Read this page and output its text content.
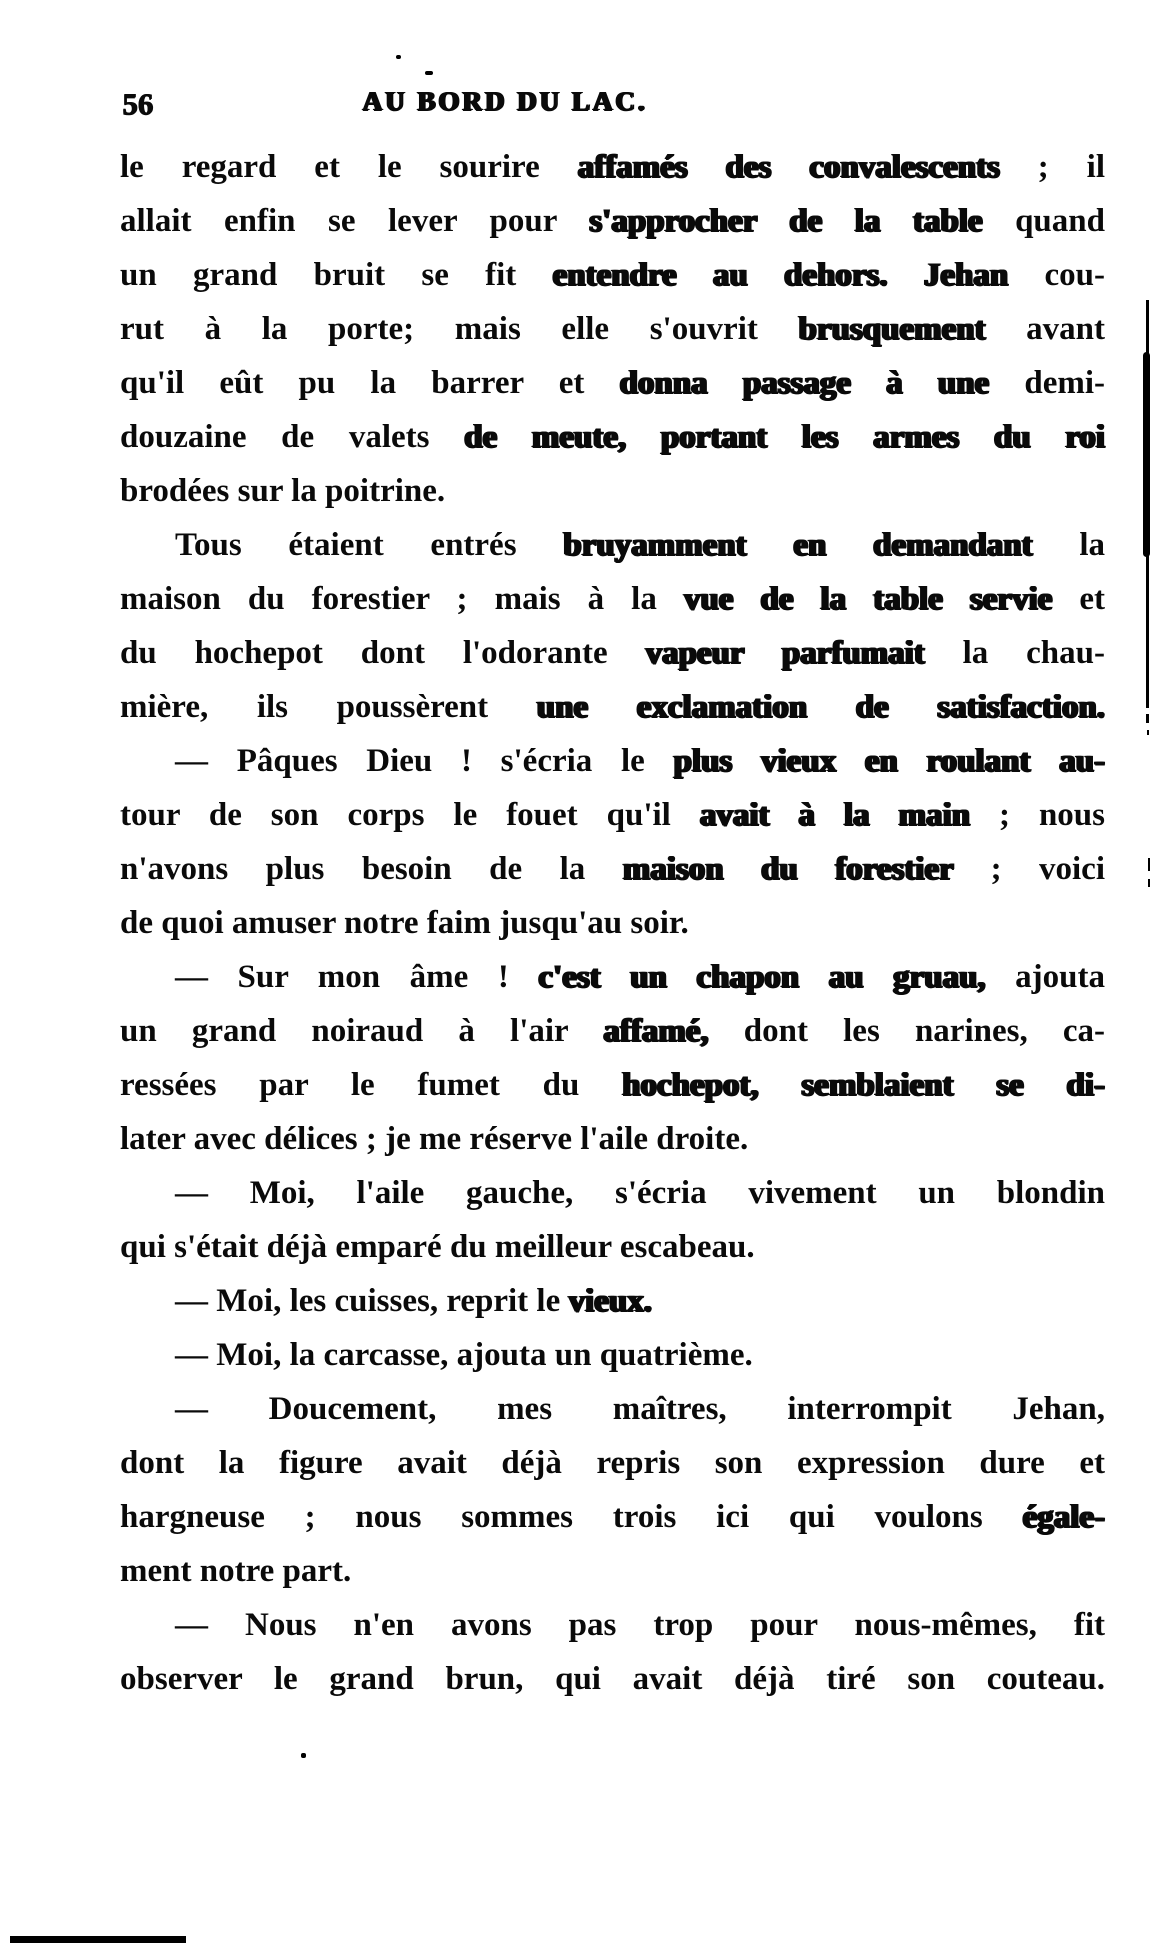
56	AU BORD DU LAC.
le regard et le sourire affamés des convalescents ; il
allait enfin se lever pour s'approcher de la table quand
un grand bruit se fit entendre au dehors. Jehan cou-
rut à la porte; mais elle s'ouvrit brusquement avant
qu'il eût pu la barrer et donna passage à une demi-
douzaine de valets de meute, portant les armes du roi
brodées sur la poitrine.
Tous étaient entrés bruyamment en demandant la
maison du forestier ; mais à la vue de la table servie et
du hochepot dont l'odorante vapeur parfumait la chau-
mière, ils poussèrent une exclamation de satisfaction.
— Pâques Dieu ! s'écria le plus vieux en roulant au-
tour de son corps le fouet qu'il avait à la main ; nous
n'avons plus besoin de la maison du forestier ; voici
de quoi amuser notre faim jusqu'au soir.
— Sur mon âme ! c'est un chapon au gruau, ajouta
un grand noiraud à l'air affamé, dont les narines, ca-
ressées par le fumet du hochepot, semblaient se di-
later avec délices ; je me réserve l'aile droite.
— Moi, l'aile gauche, s'écria vivement un blondin
qui s'était déjà emparé du meilleur escabeau.
— Moi, les cuisses, reprit le vieux.
— Moi, la carcasse, ajouta un quatrième.
— Doucement, mes maîtres, interrompit Jehan,
dont la figure avait déjà repris son expression dure et
hargneuse ; nous sommes trois ici qui voulons égale-
ment notre part.
— Nous n'en avons pas trop pour nous-mêmes, fit
observer le grand brun, qui avait déjà tiré son couteau.
